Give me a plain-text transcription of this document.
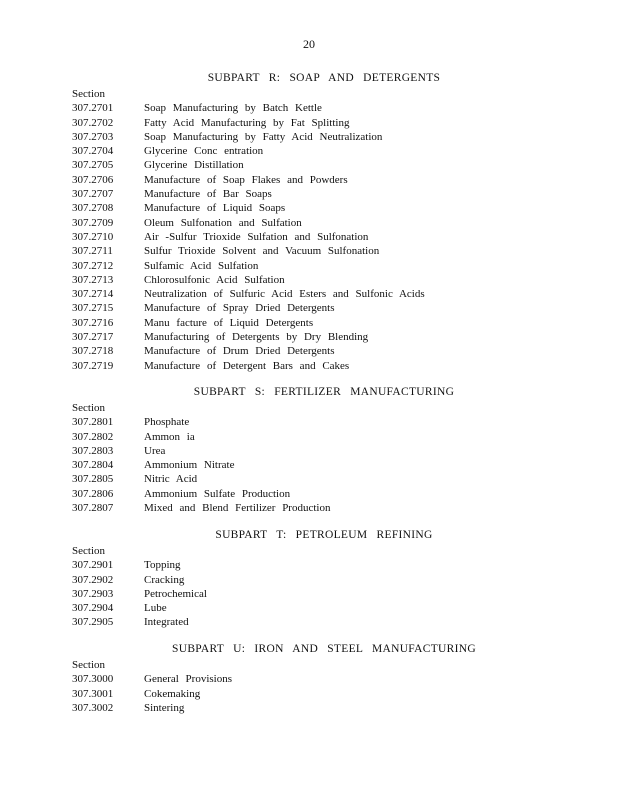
20
SUBPART R: SOAP AND DETERGENTS
Section
307.2701	Soap Manufacturing by Batch Kettle
307.2702	Fatty Acid Manufacturing by Fat Splitting
307.2703	Soap Manufacturing by Fatty Acid Neutralization
307.2704	Glycerine Conc entration
307.2705	Glycerine Distillation
307.2706	Manufacture of Soap Flakes and Powders
307.2707	Manufacture of Bar Soaps
307.2708	Manufacture of Liquid Soaps
307.2709	Oleum Sulfonation and Sulfation
307.2710	Air -Sulfur Trioxide Sulfation and Sulfonation
307.2711	Sulfur Trioxide Solvent and Vacuum Sulfonation
307.2712	Sulfamic Acid Sulfation
307.2713	Chlorosulfonic Acid Sulfation
307.2714	Neutralization of Sulfuric Acid Esters and Sulfonic Acids
307.2715	Manufacture of Spray Dried Detergents
307.2716	Manu facture of Liquid Detergents
307.2717	Manufacturing of Detergents by Dry Blending
307.2718	Manufacture of Drum Dried Detergents
307.2719	Manufacture of Detergent Bars and Cakes
SUBPART S: FERTILIZER MANUFACTURING
Section
307.2801	Phosphate
307.2802	Ammon ia
307.2803	Urea
307.2804	Ammonium Nitrate
307.2805	Nitric Acid
307.2806	Ammonium Sulfate Production
307.2807	Mixed and Blend Fertilizer Production
SUBPART T: PETROLEUM REFINING
Section
307.2901	Topping
307.2902	Cracking
307.2903	Petrochemical
307.2904	Lube
307.2905	Integrated
SUBPART U: IRON AND STEEL MANUFACTURING
Section
307.3000	General Provisions
307.3001	Cokemaking
307.3002	Sintering
